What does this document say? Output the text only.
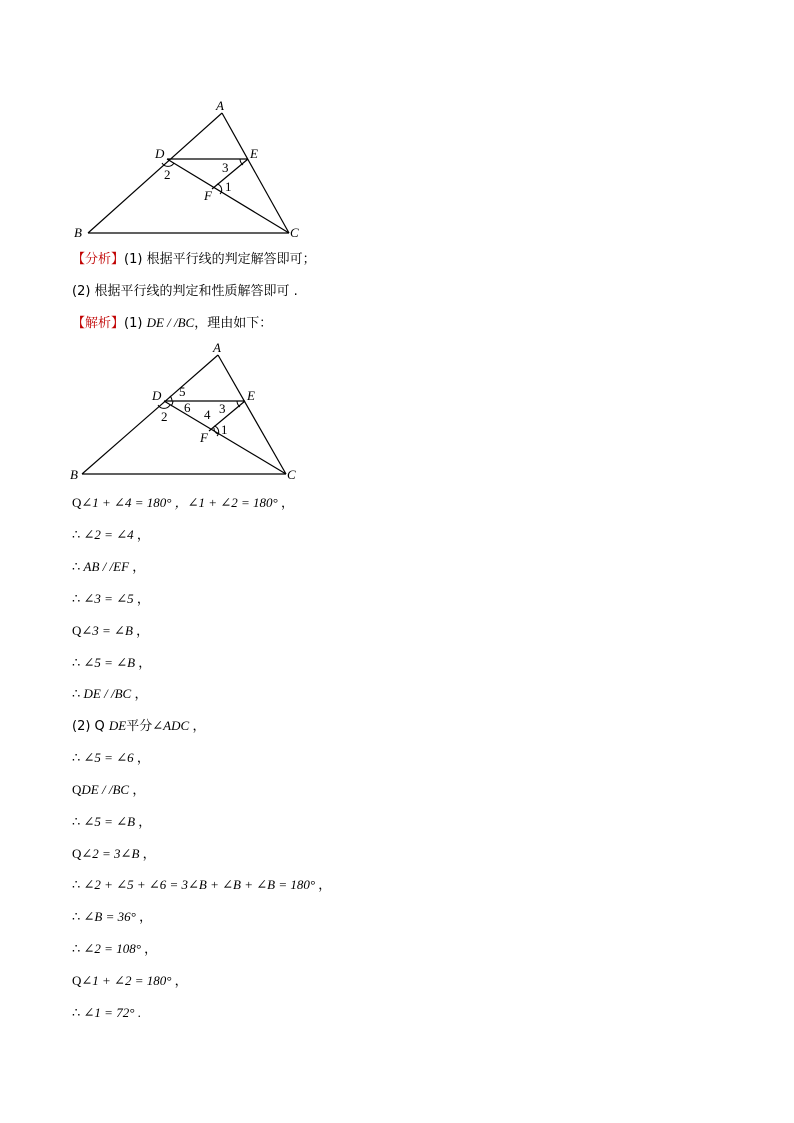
A
D	E
F
B	C
2	3
1
【分析】(1) 根据平行线的判定解答即可；
(2) 根据平行线的判定和性质解答即可 .
【解析】(1) DE / /BC，理由如下：
A
D	E
F
B	C
5
6
2	4 3
1
Q∠1 + ∠4 = 180° ，∠1 + ∠2 = 180° ，
∴ ∠2 = ∠4 ，
∴ AB / /EF ，
∴ ∠3 = ∠5 ，
Q∠3 = ∠B ，
∴ ∠5 = ∠B ，
∴ DE / /BC ，
(2) Q DE平分∠ADC ，
∴ ∠5 = ∠6 ，
QDE / /BC ，
∴ ∠5 = ∠B ，
Q∠2 = 3∠B ，
∴ ∠2 + ∠5 + ∠6 = 3∠B + ∠B + ∠B = 180° ，
∴ ∠B = 36° ，
∴ ∠2 = 108° ，
Q∠1 + ∠2 = 180° ，
∴ ∠1 = 72° .
